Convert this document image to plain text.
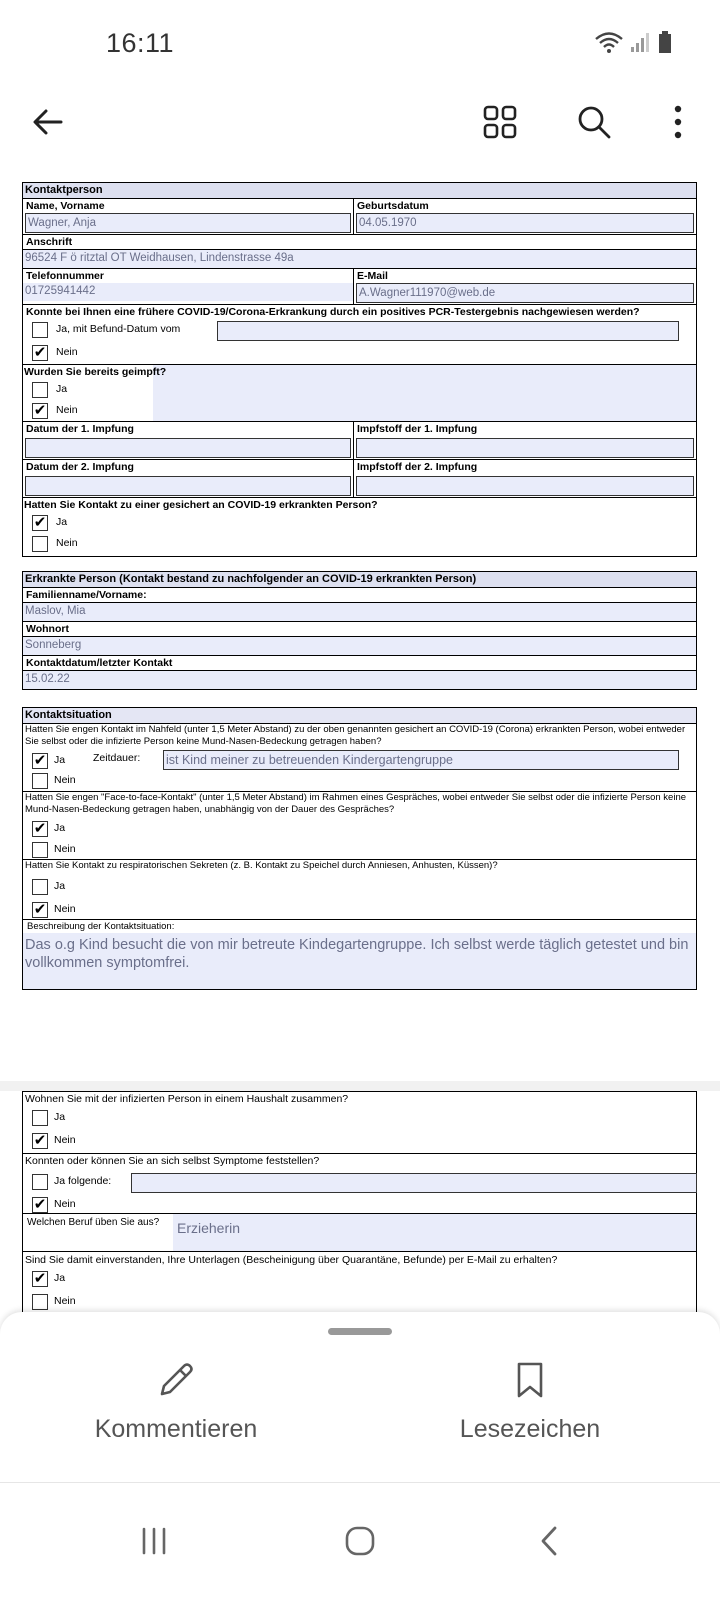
16:11
Kontaktperson
Name, Vorname
Wagner, Anja
Geburtsdatum
04.05.1970
Anschrift
96524 F ö ritztal OT Weidhausen, Lindenstrasse 49a
Telefonnummer
01725941442
E-Mail
A.Wagner111970@web.de
Konnte bei Ihnen eine frühere COVID-19/Corona-Erkrankung durch ein positives PCR-Testergebnis nachgewiesen werden?
Ja, mit Befund-Datum vom
✔ Nein
Wurden Sie bereits geimpft?
Ja
✔ Nein
Datum der 1. Impfung	Impfstoff der 1. Impfung
Datum der 2. Impfung	Impfstoff der 2. Impfung
Hatten Sie Kontakt zu einer gesichert an COVID-19 erkrankten Person?
✔ Ja
Nein
Erkrankte Person (Kontakt bestand zu nachfolgender an COVID-19 erkrankten Person)
Familienname/Vorname:
Maslov, Mia
Wohnort
Sonneberg
Kontaktdatum/letzter Kontakt
15.02.22
Kontaktsituation
Hatten Sie engen Kontakt im Nahfeld (unter 1,5 Meter Abstand) zu der oben genannten gesichert an COVID-19 (Corona) erkrankten Person, wobei entweder Sie selbst oder die infizierte Person keine Mund-Nasen-Bedeckung getragen haben?
✔ Ja	Zeitdauer: ist Kind meiner zu betreuenden Kindergartengruppe
Nein
Hatten Sie engen "Face-to-face-Kontakt" (unter 1,5 Meter Abstand) im Rahmen eines Gespräches, wobei entweder Sie selbst oder die infizierte Person keine Mund-Nasen-Bedeckung getragen haben, unabhängig von der Dauer des Gespräches?
✔ Ja
Nein
Hatten Sie Kontakt zu respiratorischen Sekreten (z. B. Kontakt zu Speichel durch Anniesen, Anhusten, Küssen)?
Ja
✔ Nein
Beschreibung der Kontaktsituation:
Das o.g Kind besucht die von mir betreute Kindegartengruppe. Ich selbst werde täglich getestet und bin vollkommen symptomfrei.
Wohnen Sie mit der infizierten Person in einem Haushalt zusammen?
Ja
✔ Nein
Konnten oder können Sie an sich selbst Symptome feststellen?
Ja folgende:
✔ Nein
Welchen Beruf üben Sie aus? Erzieherin
Sind Sie damit einverstanden, Ihre Unterlagen (Bescheinigung über Quarantäne, Befunde) per E-Mail zu erhalten?
✔ Ja
Nein
Kommentieren	Lesezeichen
